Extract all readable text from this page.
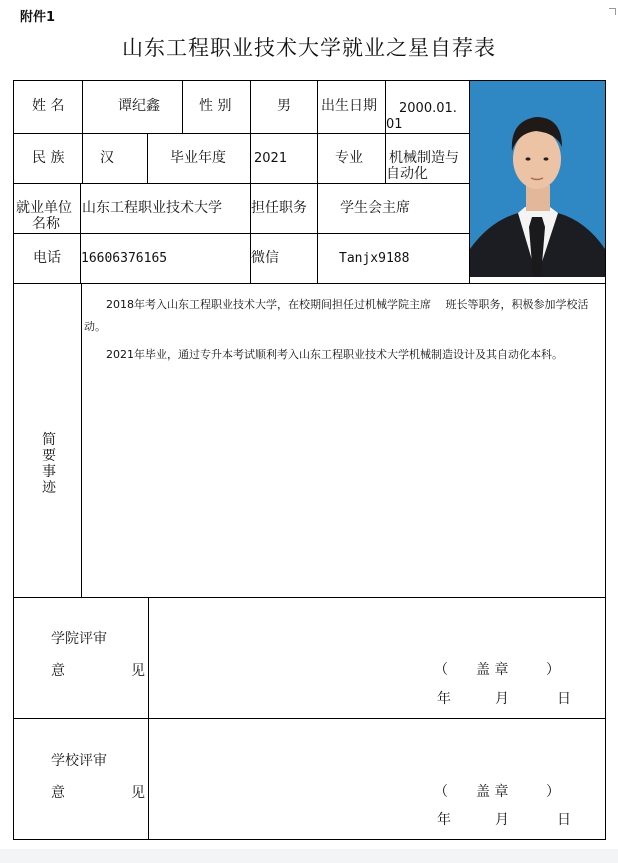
附件1
山东工程职业技术大学就业之星自荐表
姓 名	谭纪鑫	性 别	男 出生日期 2000.01.
01
民 族	汉	毕业年度 2021	专业 机械制造与
自动化
就业单位
名称
山东工程职业技术大学 担任职务 学生会主席
电话 16606376165	微信	Tanjx9188
简要事迹

2018年考入山东工程职业技术大学，在校期间担任过机械学院主席　 班长等职务，积极参加学校活动。

2021年毕业，通过专升本考试顺利考入山东工程职业技术大学机械制造设计及其自动化本科。

学院评审
意	见	（ 盖 章	）
年	月	日
学校评审
意	见	（ 盖 章	）
年	月	日
